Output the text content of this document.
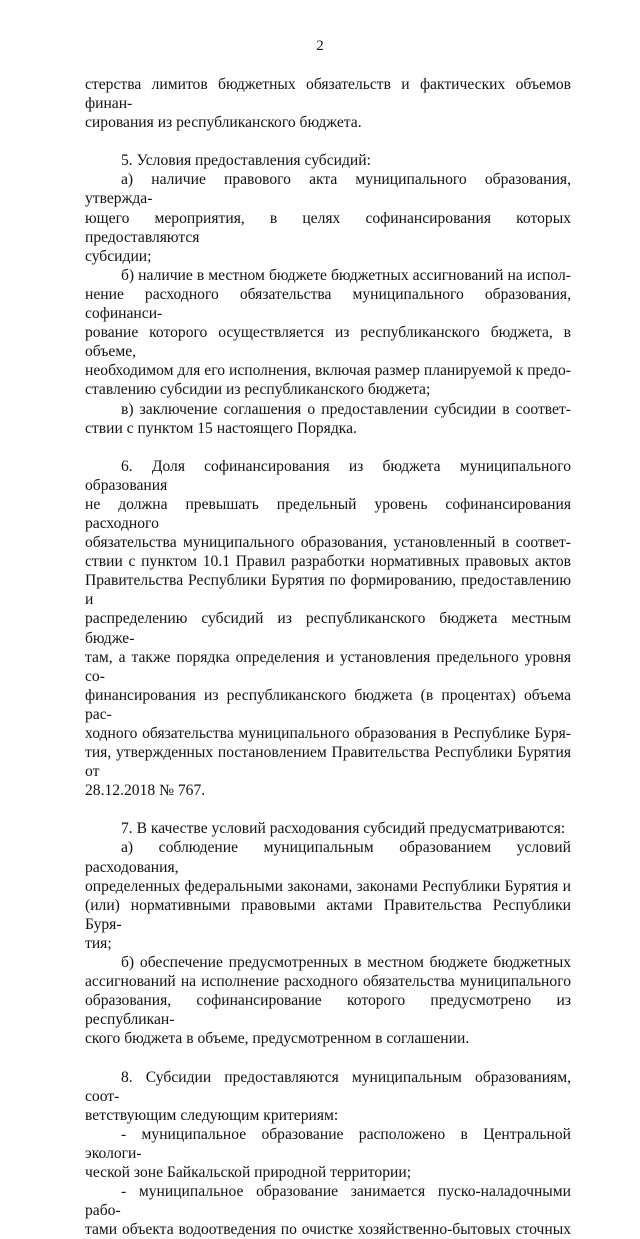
2
стерства лимитов бюджетных обязательств и фактических объемов финан-
сирования из республиканского бюджета.
5. Условия предоставления субсидий:
а) наличие правового акта муниципального образования, утвержда-
ющего мероприятия, в целях софинансирования которых предоставляются
субсидии;
б) наличие в местном бюджете бюджетных ассигнований на испол-
нение расходного обязательства муниципального образования, софинанси-
рование которого осуществляется из республиканского бюджета, в объеме,
необходимом для его исполнения, включая размер планируемой к предо-
ставлению субсидии из республиканского бюджета;
в) заключение соглашения о предоставлении субсидии в соответ-
ствии с пунктом 15 настоящего Порядка.
6. Доля софинансирования из бюджета муниципального образования
не должна превышать предельный уровень софинансирования расходного
обязательства муниципального образования, установленный в соответ-
ствии с пунктом 10.1 Правил разработки нормативных правовых актов
Правительства Республики Бурятия по формированию, предоставлению и
распределению субсидий из республиканского бюджета местным бюдже-
там, а также порядка определения и установления предельного уровня со-
финансирования из республиканского бюджета (в процентах) объема рас-
ходного обязательства муниципального образования в Республике Буря-
тия, утвержденных постановлением Правительства Республики Бурятия от
28.12.2018 № 767.
7. В качестве условий расходования субсидий предусматриваются:
а) соблюдение муниципальным образованием условий расходования,
определенных федеральными законами, законами Республики Бурятия и
(или) нормативными правовыми актами Правительства Республики Буря-
тия;
б) обеспечение предусмотренных в местном бюджете бюджетных
ассигнований на исполнение расходного обязательства муниципального
образования, софинансирование которого предусмотрено из республикан-
ского бюджета в объеме, предусмотренном в соглашении.
8. Субсидии предоставляются муниципальным образованиям, соот-
ветствующим следующим критериям:
- муниципальное образование расположено в Центральной экологи-
ческой зоне Байкальской природной территории;
- муниципальное образование занимается пуско-наладочными рабо-
тами объекта водоотведения по очистке хозяйственно-бытовых сточных
